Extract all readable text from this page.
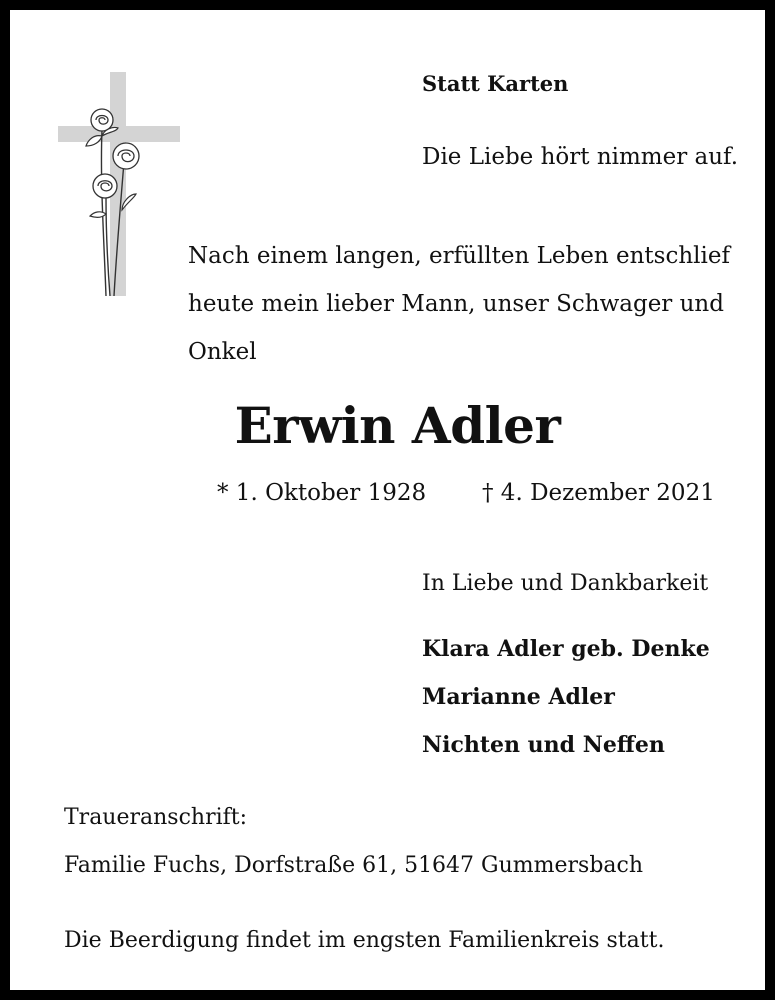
Statt Karten

Die Liebe hört nimmer auf.

Nach einem langen, erfüllten Leben entschlief
heute mein lieber Mann, unser Schwager und
Onkel

Erwin Adler

* 1. Oktober 1928 † 4. Dezember 2021

In Liebe und Dankbarkeit

Klara Adler geb. Denke
Marianne Adler
Nichten und Neffen

Traueranschrift:

Familie Fuchs, Dorfstraße 61, 51647 Gummersbach

Die Beerdigung findet im engsten Familienkreis statt.
